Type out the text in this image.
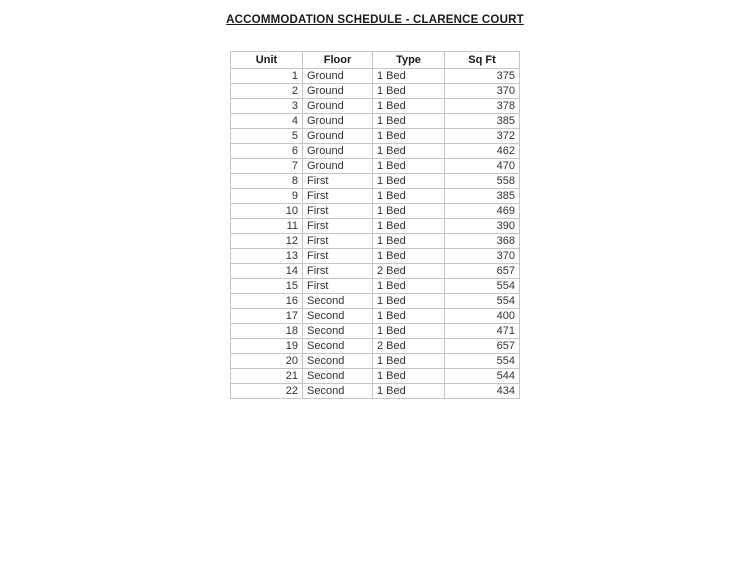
ACCOMMODATION SCHEDULE - CLARENCE COURT
Unit	Floor	Type	Sq Ft
1	Ground	1 Bed	375
2	Ground	1 Bed	370
3	Ground	1 Bed	378
4	Ground	1 Bed	385
5	Ground	1 Bed	372
6	Ground	1 Bed	462
7	Ground	1 Bed	470
8	First	1 Bed	558
9	First	1 Bed	385
10	First	1 Bed	469
11	First	1 Bed	390
12	First	1 Bed	368
13	First	1 Bed	370
14	First	2 Bed	657
15	First	1 Bed	554
16	Second	1 Bed	554
17	Second	1 Bed	400
18	Second	1 Bed	471
19	Second	2 Bed	657
20	Second	1 Bed	554
21	Second	1 Bed	544
22	Second	1 Bed	434
